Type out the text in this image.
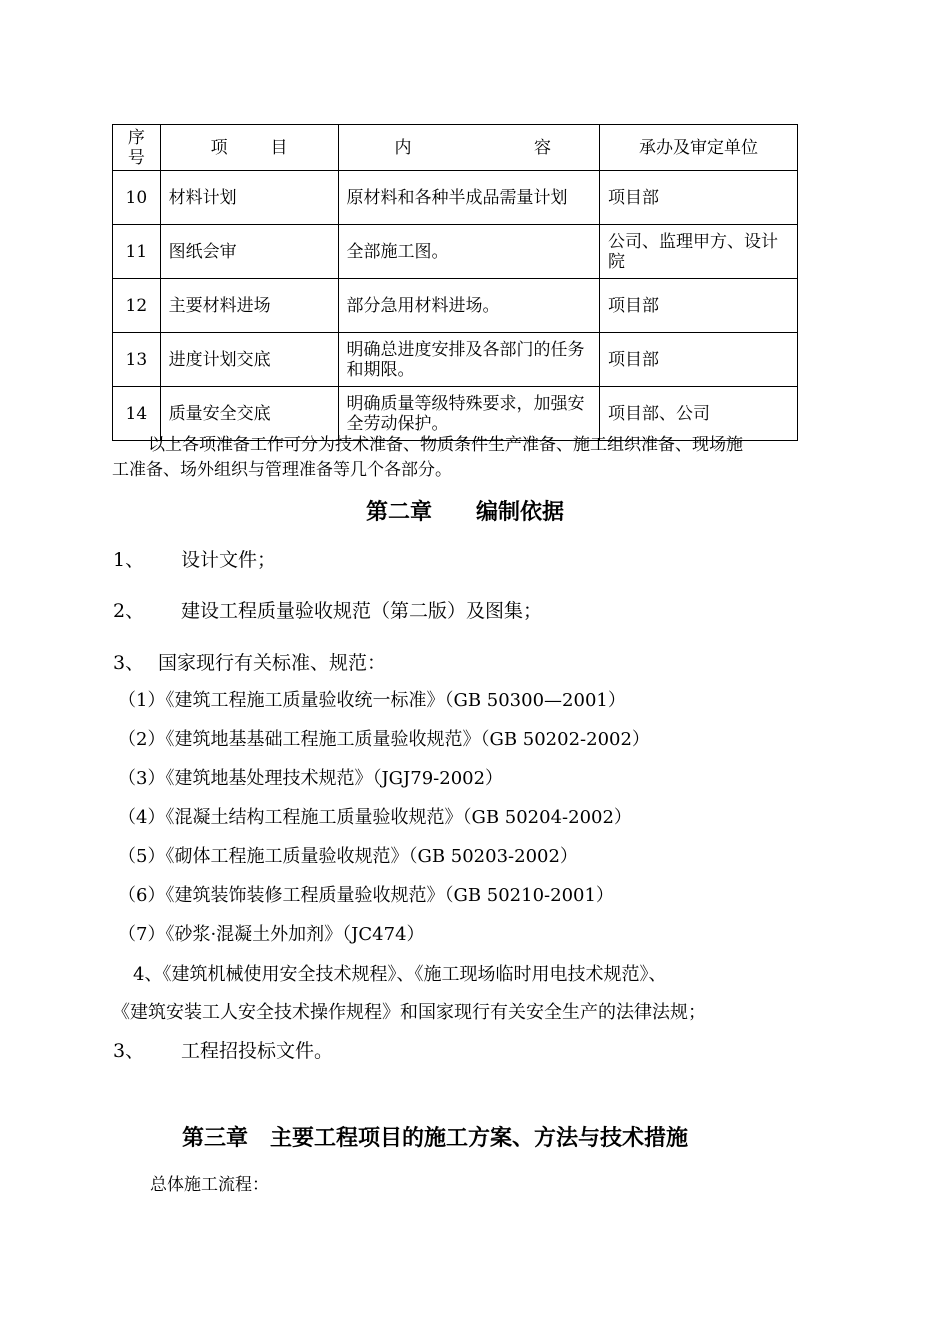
序
号	项 目	内 容	承办及审定单位
10	材料计划	原材料和各种半成品需量计划	项目部
11	图纸会审	全部施工图。	公司、监理甲方、设计院
12	主要材料进场	部分急用材料进场。	项目部
13	进度计划交底	明确总进度安排及各部门的任务和期限。	项目部
14	质量安全交底	明确质量等级特殊要求，加强安全劳动保护。	项目部、公司
以上各项准备工作可分为技术准备、物质条件生产准备、施工组织准备、现场施
工准备、场外组织与管理准备等几个各部分。
第二章　　编制依据
1、 设计文件；
2、 建设工程质量验收规范（第二版）及图集；
3、 国家现行有关标准、规范：
（1）《建筑工程施工质量验收统一标准》（GB 50300—2001）
（2）《建筑地基基础工程施工质量验收规范》（GB 50202-2002）
（3）《建筑地基处理技术规范》（JGJ79-2002）
（4）《混凝土结构工程施工质量验收规范》（GB 50204-2002）
（5）《砌体工程施工质量验收规范》（GB 50203-2002）
（6）《建筑装饰装修工程质量验收规范》（GB 50210-2001）
（7）《砂浆·混凝土外加剂》（JC474）
4、《建筑机械使用安全技术规程》、《施工现场临时用电技术规范》、
《建筑安装工人安全技术操作规程》和国家现行有关安全生产的法律法规；
3、 工程招投标文件。
第三章　主要工程项目的施工方案、方法与技术措施
总体施工流程：
